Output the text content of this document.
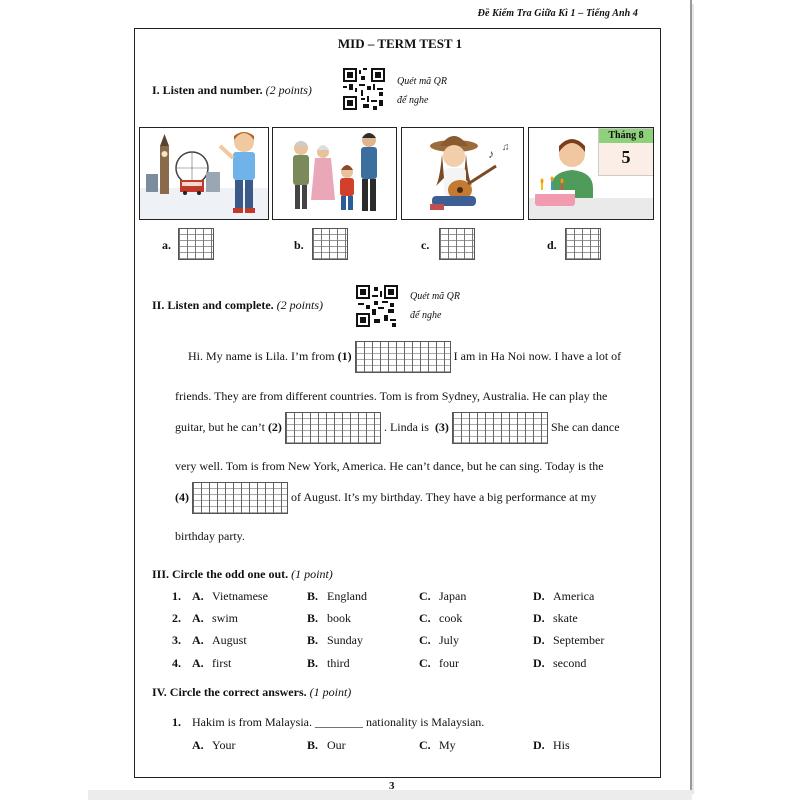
Đề Kiểm Tra Giữa Kì 1 – Tiếng Anh 4
3
MID – TERM TEST 1
I. Listen and number. (2 points)
Quét mã QR
để nghe
♪ ♫
Tháng 8
5
a.	b.	c.	d.
II. Listen and complete. (2 points)
Quét mã QR
để nghe
Hi. My name is Lila. I’m from (1)	I am in Ha Noi now. I have a lot of
friends. They are from different countries. Tom is from Sydney, Australia. He can play the
guitar, but he can’t (2)	. Linda is (3)	She can dance
very well. Tom is from New York, America. He can’t dance, but he can sing. Today is the
(4)	of August. It’s my birthday. They have a big performance at my
birthday party.
III. Circle the odd one out. (1 point)
1. A. Vietnamese	B. England	C. Japan	D. America
2. A. swim	B. book	C. cook	D. skate
3. A. August	B. Sunday	C. July	D. September
4. A. first	B. third	C. four	D. second
IV. Circle the correct answers. (1 point)
1. Hakim is from Malaysia. ________ nationality is Malaysian.
A. Your	B. Our	C. My	D. His
